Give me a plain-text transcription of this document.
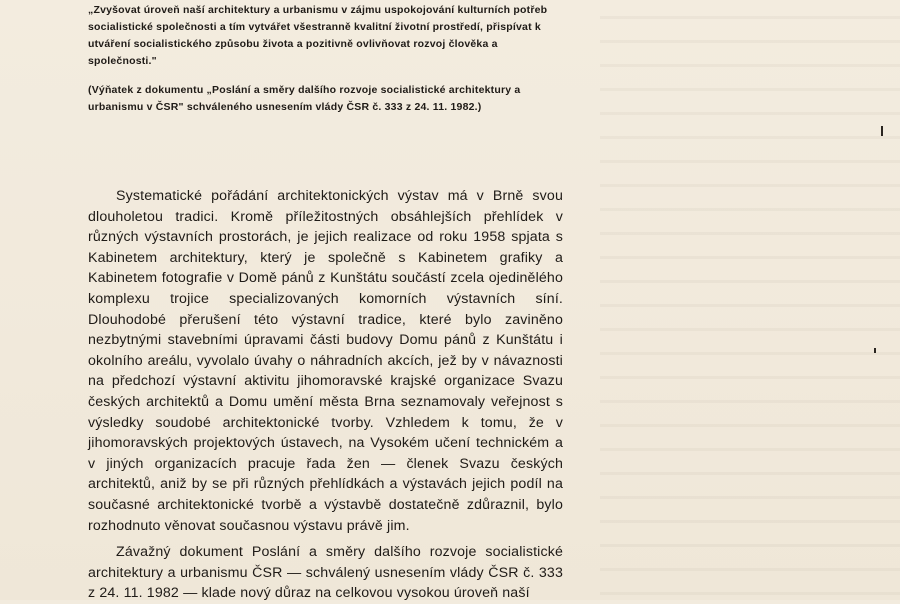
„Zvyšovat úroveň naší architektury a urbanismu v zájmu uspokojování kulturních potřeb socialistické společnosti a tím vytvářet všestranně kvalitní životní prostředí, přispívat k utváření socialistického způsobu života a pozitivně ovlivňovat rozvoj člověka a společnosti."

(Výňatek z dokumentu „Poslání a směry dalšího rozvoje socialistické architektury a urbanismu v ČSR" schváleného usnesením vlády ČSR č. 333 z 24. 11. 1982.)

Systematické pořádání architektonických výstav má v Brně svou dlouholetou tradici. Kromě příležitostných obsáhlejších přehlídek v různých výstavních prostorách, je jejich realizace od roku 1958 spjata s Kabinetem architektury, který je společně s Kabinetem grafiky a Kabinetem fotografie v Domě pánů z Kunštátu součástí zcela ojedinělého komplexu trojice specializovaných komorních výstavních síní. Dlouhodobé přerušení této výstavní tradice, které bylo zaviněno nezbytnými stavebními úpravami části budovy Domu pánů z Kunštátu i okolního areálu, vyvolalo úvahy o náhradních akcích, jež by v návaznosti na předchozí výstavní aktivitu jihomoravské krajské organizace Svazu českých architektů a Domu umění města Brna seznamovaly veřejnost s výsledky soudobé architektonické tvorby. Vzhledem k tomu, že v jihomoravských projektových ústavech, na Vysokém učení technickém a v jiných organizacích pracuje řada žen — členek Svazu českých architektů, aniž by se při různých přehlídkách a výstavách jejich podíl na současné architektonické tvorbě a výstavbě dostatečně zdůraznil, bylo rozhodnuto věnovat současnou výstavu právě jim.

Závažný dokument Poslání a směry dalšího rozvoje socialistické architektury a urbanismu ČSR — schválený usnesením vlády ČSR č. 333 z 24. 11. 1982 — klade nový důraz na celkovou vysokou úroveň naší
